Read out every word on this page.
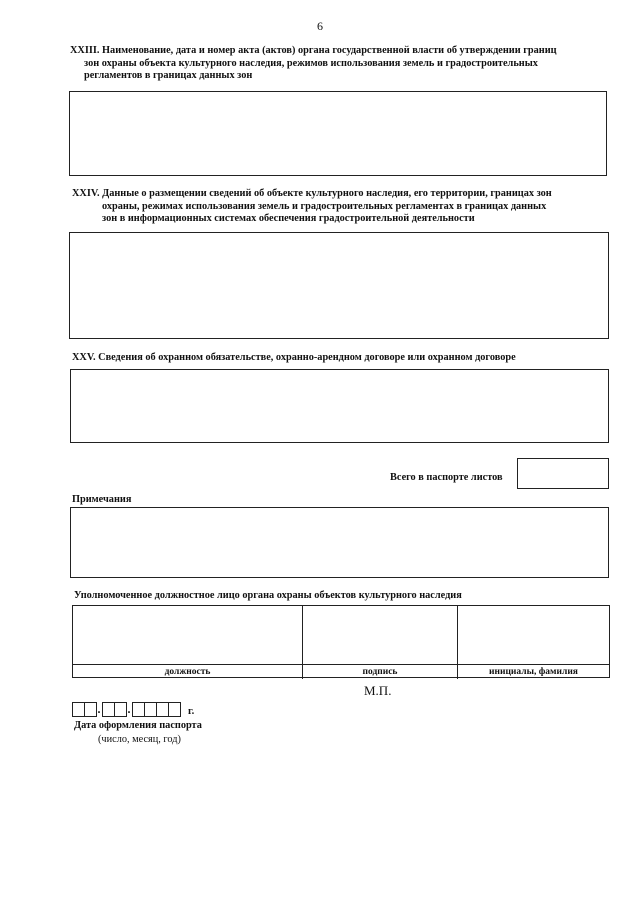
6
XXIII. Наименование, дата и номер акта (актов) органа государственной власти об утверждении границ
зон охраны объекта культурного наследия, режимов использования земель и градостроительных
регламентов в границах данных зон
XXIV. Данные о размещении сведений об объекте культурного наследия, его территории, границах зон
охраны, режимах использования земель и градостроительных регламентах в границах данных
зон в информационных системах обеспечения градостроительной деятельности
XXV. Сведения об охранном обязательстве, охранно-арендном договоре или охранном договоре
Всего в паспорте листов
Примечания
Уполномоченное должностное лицо органа охраны объектов культурного наследия
должность	подпись	инициалы, фамилия
М.П.
. .	г.
Дата оформления паспорта
(число, месяц, год)
